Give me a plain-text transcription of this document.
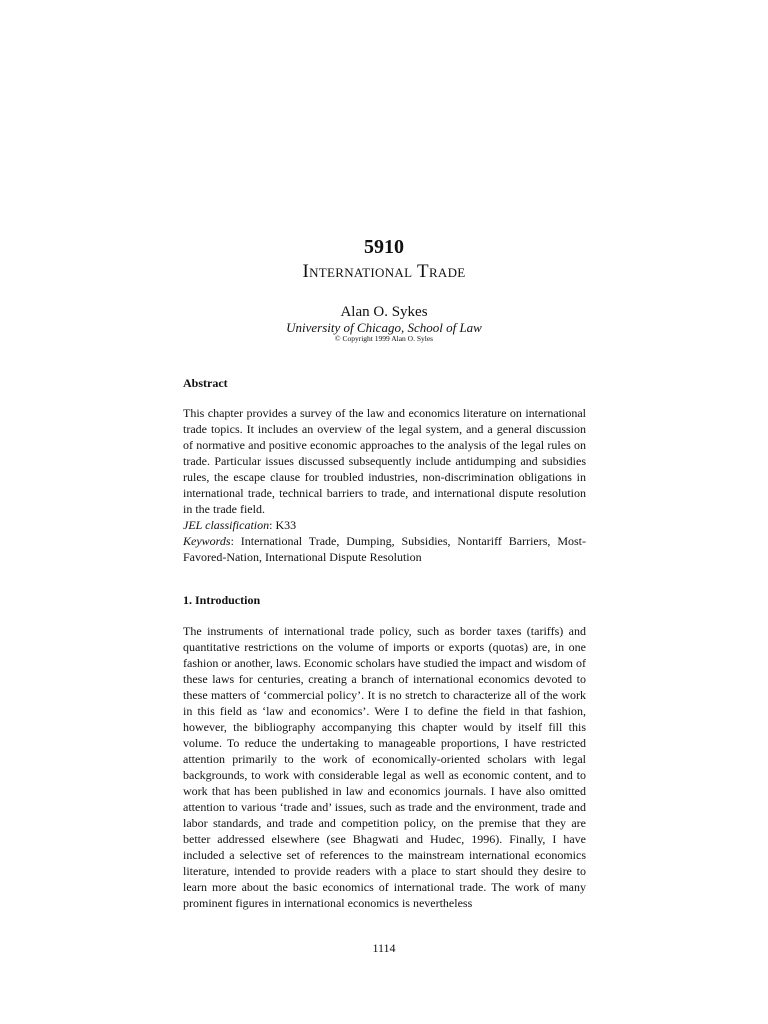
5910
International Trade
Alan O. Sykes
University of Chicago, School of Law
© Copyright 1999 Alan O. Syles
Abstract

This chapter provides a survey of the law and economics literature on international trade topics. It includes an overview of the legal system, and a general discussion of normative and positive economic approaches to the analysis of the legal rules on trade. Particular issues discussed subsequently include antidumping and subsidies rules, the escape clause for troubled industries, non-discrimination obligations in international trade, technical barriers to trade, and international dispute resolution in the trade field.

JEL classification: K33

Keywords: International Trade, Dumping, Subsidies, Nontariff Barriers, Most-Favored-Nation, International Dispute Resolution

1. Introduction

The instruments of international trade policy, such as border taxes (tariffs) and quantitative restrictions on the volume of imports or exports (quotas) are, in one fashion or another, laws. Economic scholars have studied the impact and wisdom of these laws for centuries, creating a branch of international economics devoted to these matters of ‘commercial policy’. It is no stretch to characterize all of the work in this field as ‘law and economics’. Were I to define the field in that fashion, however, the bibliography accompanying this chapter would by itself fill this volume. To reduce the undertaking to manageable proportions, I have restricted attention primarily to the work of economically-oriented scholars with legal backgrounds, to work with considerable legal as well as economic content, and to work that has been published in law and economics journals. I have also omitted attention to various ‘trade and’ issues, such as trade and the environment, trade and labor standards, and trade and competition policy, on the premise that they are better addressed elsewhere (see Bhagwati and Hudec, 1996). Finally, I have included a selective set of references to the mainstream international economics literature, intended to provide readers with a place to start should they desire to learn more about the basic economics of international trade. The work of many prominent figures in international economics is nevertheless

1114
